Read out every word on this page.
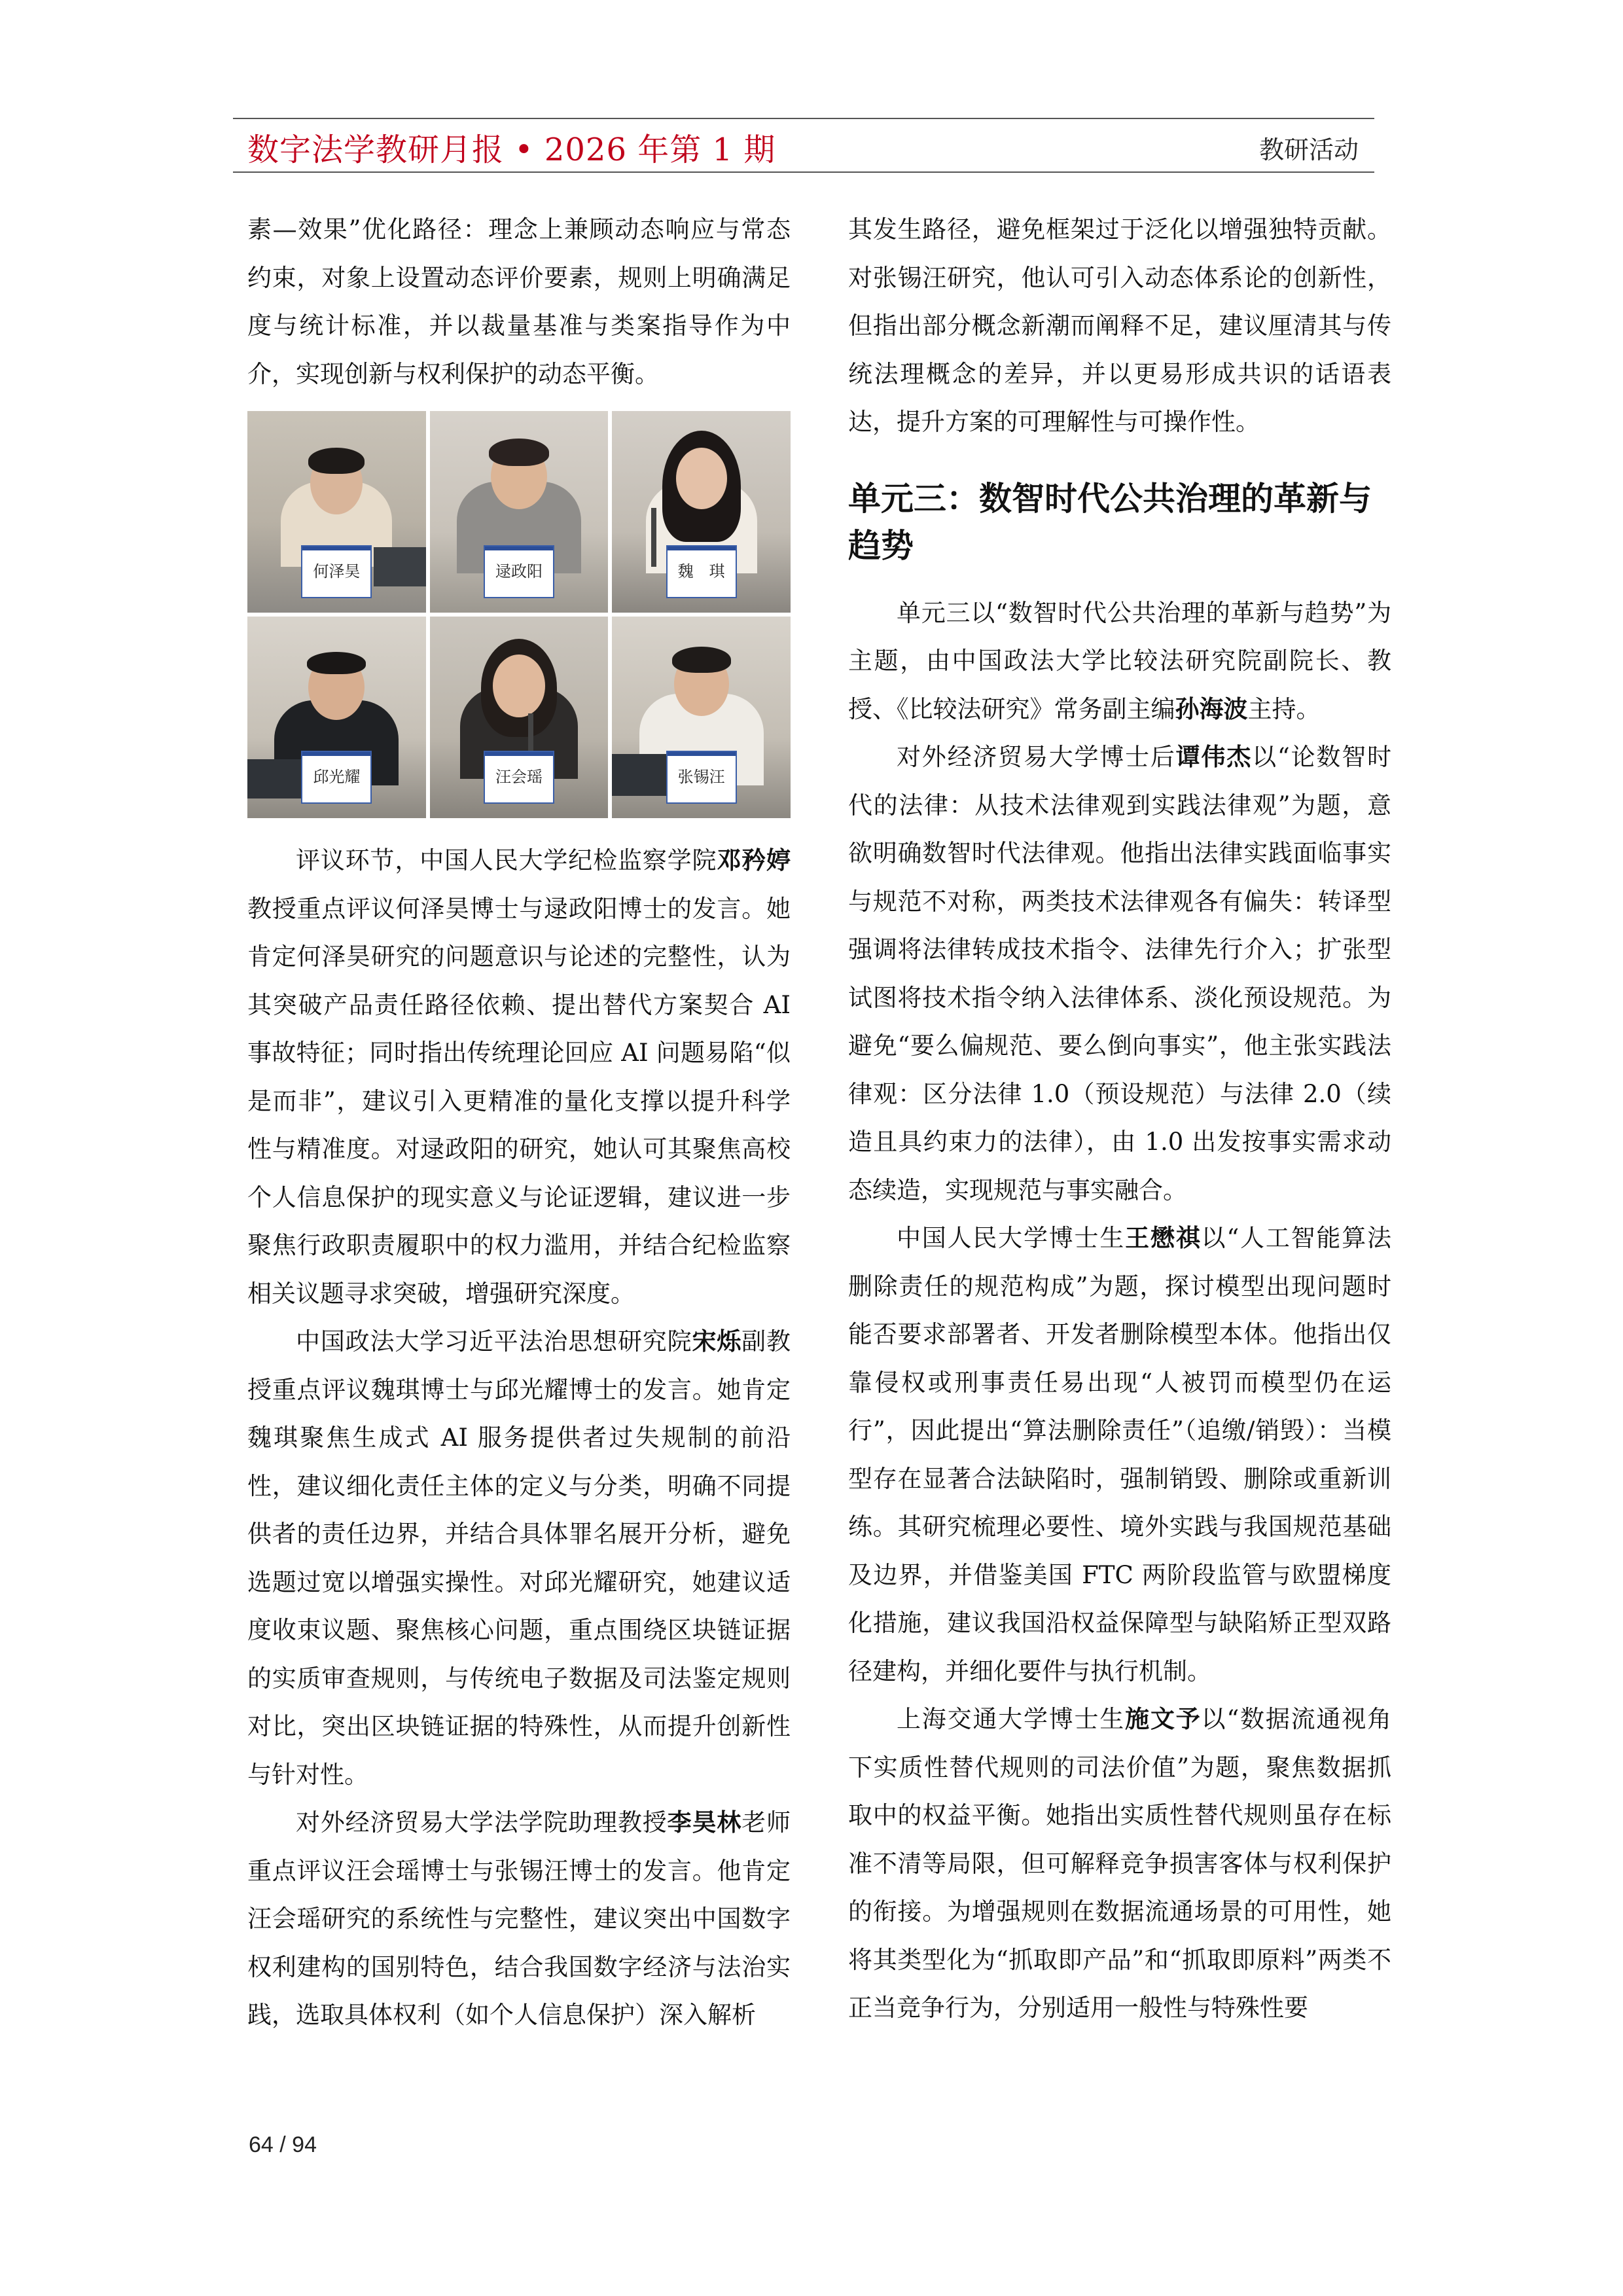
数字法学教研月报 • 2026 年第 1 期	教研活动

素—效果”优化路径：理念上兼顾动态响应与常态约束，对象上设置动态评价要素，规则上明确满足度与统计标准，并以裁量基准与类案指导作为中介，实现创新与权利保护的动态平衡。

何泽昊	逯政阳	魏　琪
邱光耀	汪会瑶	张锡汪

评议环节，中国人民大学纪检监察学院邓矜婷教授重点评议何泽昊博士与逯政阳博士的发言。她肯定何泽昊研究的问题意识与论述的完整性，认为其突破产品责任路径依赖、提出替代方案契合 AI 事故特征；同时指出传统理论回应 AI 问题易陷“似是而非”，建议引入更精准的量化支撑以提升科学性与精准度。对逯政阳的研究，她认可其聚焦高校个人信息保护的现实意义与论证逻辑，建议进一步聚焦行政职责履职中的权力滥用，并结合纪检监察相关议题寻求突破，增强研究深度。

中国政法大学习近平法治思想研究院宋烁副教授重点评议魏琪博士与邱光耀博士的发言。她肯定魏琪聚焦生成式 AI 服务提供者过失规制的前沿性，建议细化责任主体的定义与分类，明确不同提供者的责任边界，并结合具体罪名展开分析，避免选题过宽以增强实操性。对邱光耀研究，她建议适度收束议题、聚焦核心问题，重点围绕区块链证据的实质审查规则，与传统电子数据及司法鉴定规则对比，突出区块链证据的特殊性，从而提升创新性与针对性。

对外经济贸易大学法学院助理教授李昊林老师重点评议汪会瑶博士与张锡汪博士的发言。他肯定汪会瑶研究的系统性与完整性，建议突出中国数字权利建构的国别特色，结合我国数字经济与法治实践，选取具体权利（如个人信息保护）深入解析

其发生路径，避免框架过于泛化以增强独特贡献。对张锡汪研究，他认可引入动态体系论的创新性，但指出部分概念新潮而阐释不足，建议厘清其与传统法理概念的差异，并以更易形成共识的话语表达，提升方案的可理解性与可操作性。

单元三：数智时代公共治理的革新与趋势

单元三以“数智时代公共治理的革新与趋势”为主题，由中国政法大学比较法研究院副院长、教授、《比较法研究》常务副主编孙海波主持。

对外经济贸易大学博士后谭伟杰以“论数智时代的法律：从技术法律观到实践法律观”为题，意欲明确数智时代法律观。他指出法律实践面临事实与规范不对称，两类技术法律观各有偏失：转译型强调将法律转成技术指令、法律先行介入；扩张型试图将技术指令纳入法律体系、淡化预设规范。为避免“要么偏规范、要么倒向事实”，他主张实践法律观：区分法律 1.0（预设规范）与法律 2.0（续造且具约束力的法律），由 1.0 出发按事实需求动态续造，实现规范与事实融合。

中国人民大学博士生王懋祺以“人工智能算法删除责任的规范构成”为题，探讨模型出现问题时能否要求部署者、开发者删除模型本体。他指出仅靠侵权或刑事责任易出现“人被罚而模型仍在运行”，因此提出“算法删除责任”（追缴/销毁）：当模型存在显著合法缺陷时，强制销毁、删除或重新训练。其研究梳理必要性、境外实践与我国规范基础及边界，并借鉴美国 FTC 两阶段监管与欧盟梯度化措施，建议我国沿权益保障型与缺陷矫正型双路径建构，并细化要件与执行机制。

上海交通大学博士生施文予以“数据流通视角下实质性替代规则的司法价值”为题，聚焦数据抓取中的权益平衡。她指出实质性替代规则虽存在标准不清等局限，但可解释竞争损害客体与权利保护的衔接。为增强规则在数据流通场景的可用性，她将其类型化为“抓取即产品”和“抓取即原料”两类不正当竞争行为，分别适用一般性与特殊性要

64 / 94
